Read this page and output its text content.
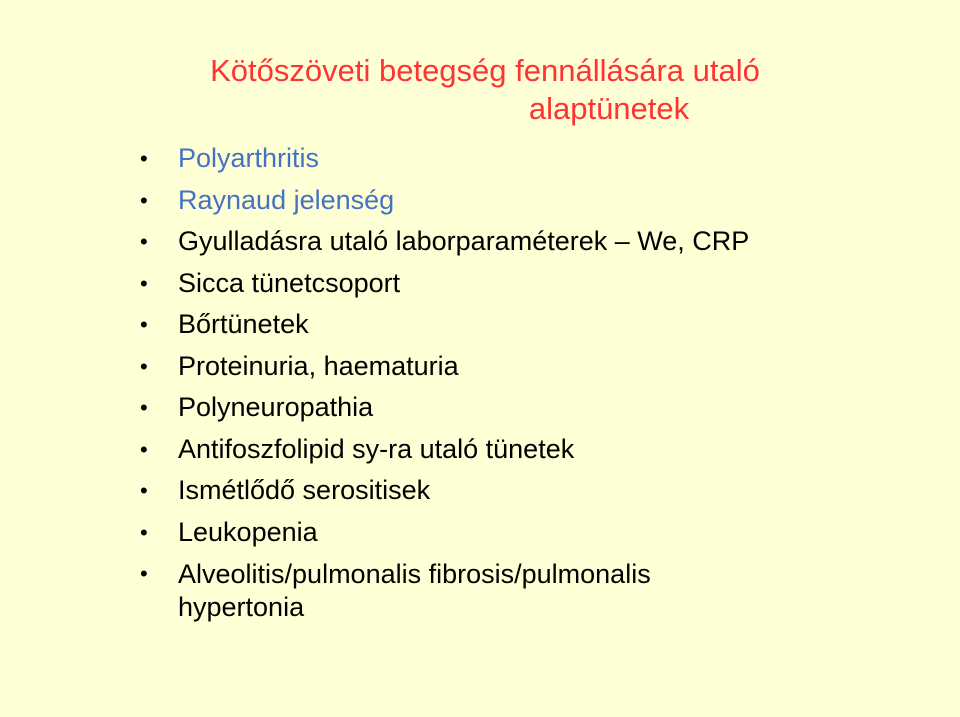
Kötőszöveti betegség fennállására utaló
alaptünetek
• Polyarthritis
• Raynaud jelenség
• Gyulladásra utaló laborparaméterek – We, CRP
• Sicca tünetcsoport
• Bőrtünetek
• Proteinuria, haematuria
• Polyneuropathia
• Antifoszfolipid sy-ra utaló tünetek
• Ismétlődő serositisek
• Leukopenia
• Alveolitis/pulmonalis fibrosis/pulmonalis hypertonia
